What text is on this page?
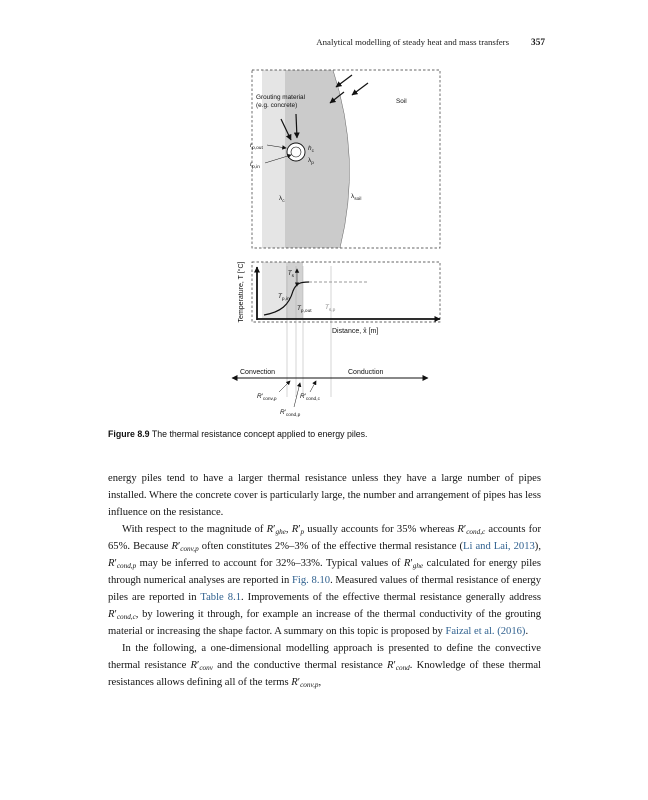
Analytical modelling of steady heat and mass transfers 357
Grouting material
(e.g. concrete)
Soil
$r_{p,out}$
$r_{p,in}$
$h_c$
$\lambda_p$
$\lambda_c$
$\lambda_{soil}$
$T_s$
$T_{p,in}$
$T_{p,out}$
$T_{s,p}$
Temperature, T [°C]
Distance, x̂ [m]
Convection	Conduction
$R'_{conv,p}$	$R'_{cond,c}$
$R'_{cond,p}$
Figure 8.9 The thermal resistance concept applied to energy piles.

energy piles tend to have a larger thermal resistance unless they have a large number of pipes installed. Where the concrete cover is particularly large, the number and arrangement of pipes has less influence on the resistance.

With respect to the magnitude of $R'_{ghe}$, $R'_p$ usually accounts for 35% whereas $R'_{cond,c}$ accounts for 65%. Because $R'_{conv,p}$ often constitutes 2%–3% of the effective thermal resistance (Li and Lai, 2013), $R'_{cond,p}$ may be inferred to account for 32%–33%. Typical values of $R'_{ghe}$ calculated for energy piles through numerical analyses are reported in Fig. 8.10. Measured values of thermal resistance of energy piles are reported in Table 8.1. Improvements of the effective thermal resistance generally address $R'_{cond,c}$, by lowering it through, for example an increase of the thermal conductivity of the grouting material or increasing the shape factor. A summary on this topic is proposed by Faizal et al. (2016).

In the following, a one-dimensional modelling approach is presented to define the convective thermal resistance $R'_{conv}$ and the conductive thermal resistance $R'_{cond}$. Knowledge of these thermal resistances allows defining all of the terms $R'_{conv,p}$,
